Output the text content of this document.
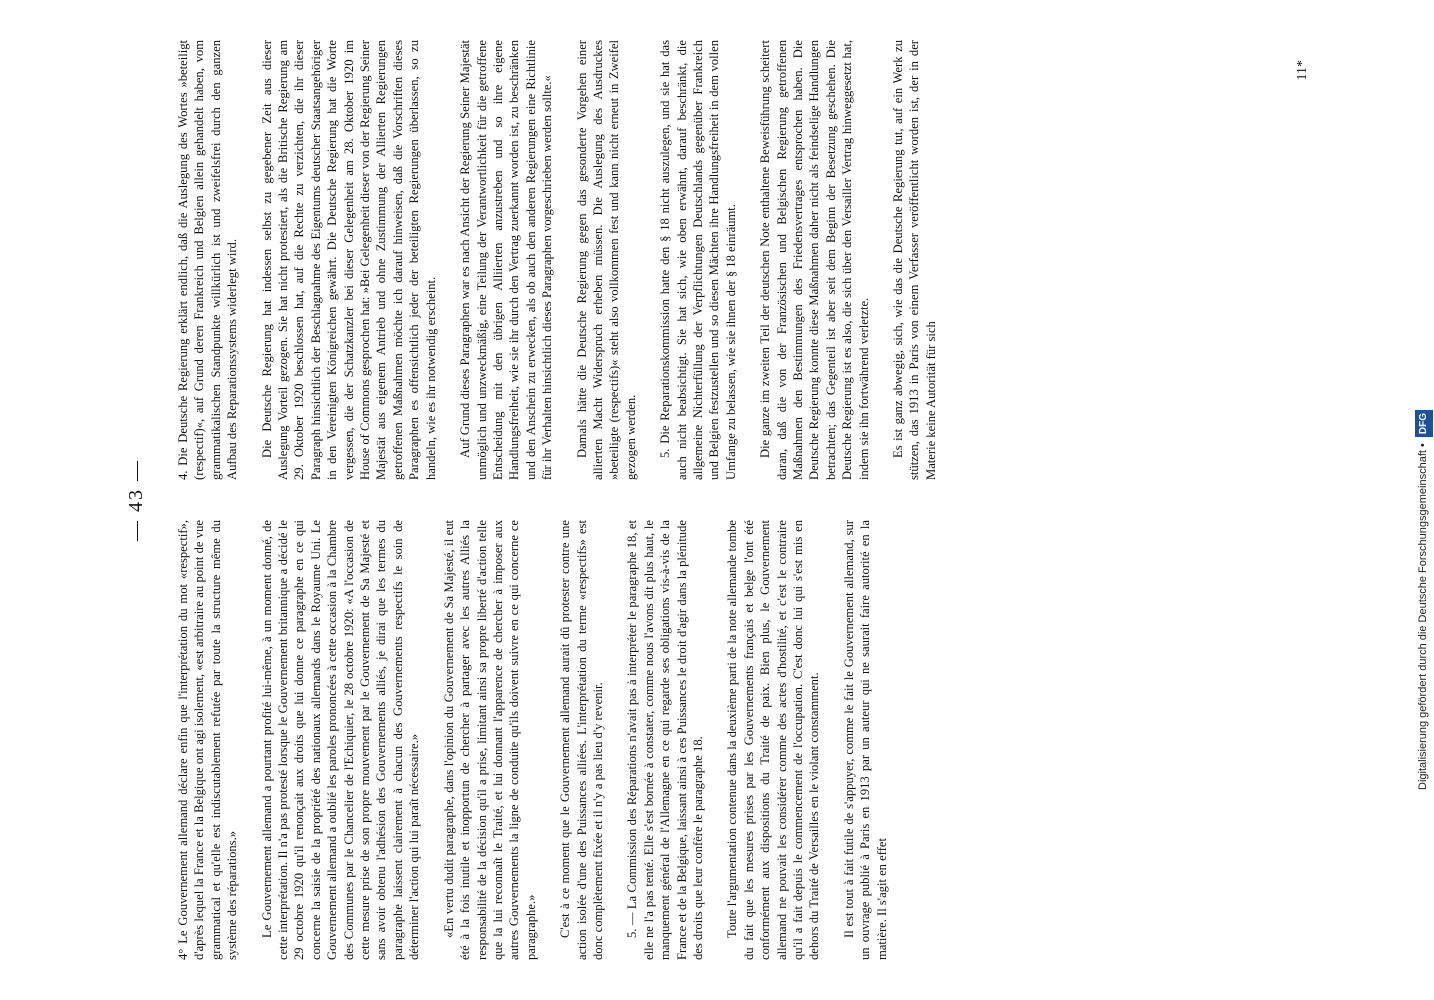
— 43 —

4° Le Gouvernement allemand déclare enfin que l'interprétation du mot «respectif», d'après lequel la France et la Belgique ont agi isolement, «est arbitraire au point de vue grammatical et qu'elle est indiscutablement refutée par toute la structure même du système des réparations.» Le Gouvernement allemand a pourtant profité lui-même, à un moment donné, de cette interprétation. Il n'a pas protesté lorsque le Gouvernement britannique a décidé le 29 octobre 1920 qu'il renonçait aux droits que lui donne ce paragraphe en ce qui concerne la saisie de la propriété des nationaux allemands dans le Royaume Uni. Le Gouvernement allemand a oublié les paroles prononcées à cette occasion à la Chambre des Communes par le Chancelier de l'Echiquier, le 28 octobre 1920: «A l'occasion de cette mesure prise de son propre mouvement par le Gouvernement de Sa Majesté et sans avoir obtenu l'adhésion des Gouvernements alliés, je dirai que les termes du paragraphe laissent clairement à chacun des Gouvernements respectifs le soin de déterminer l'action qui lui paraît nécessaire.» «En vertu dudit paragraphe, dans l'opinion du Gouvernement de Sa Majesté, il eut été à la fois inutile et inopportun de chercher à partager avec les autres Alliés la responsabilité de la décision qu'il a prise, limitant ainsi sa propre liberté d'action telle que la lui reconnaît le Traité, et lui donnant l'apparence de chercher à imposer aux autres Gouvernements la ligne de conduite qu'ils doivent suivre en ce qui concerne ce paragraphe.» C'est à ce moment que le Gouvernement allemand aurait dû protester contre une action isolée d'une des Puissances alliées. L'interprétation du terme «respectifs» est donc complètement fixée et il n'y a pas lieu d'y revenir. 5. — La Commission des Réparations n'avait pas à interpréter le paragraphe 18, et elle ne l'a pas tenté. Elle s'est bornée à constater, comme nous l'avons dit plus haut, le manquement général de l'Allemagne en ce qui regarde ses obligations vis-à-vis de la France et de la Belgique, laissant ainsi à ces Puissances le droit d'agir dans la plénitude des droits que leur confère le paragraphe 18. Toute l'argumentation contenue dans la deuxième parti de la note allemande tombe du fait que les mesures prises par les Gouvernements français et belge l'ont été conformément aux dispositions du Traité de paix. Bien plus, le Gouvernement allemand ne pouvait les considérer comme des actes d'hostilité, et c'est le contraire qu'il a fait depuis le commencement de l'occupation. C'est donc lui qui s'est mis en dehors du Traité de Versailles en le violant constamment. Il est tout à fait futile de s'appuyer, comme le fait le Gouvernement allemand, sur un ouvrage publié à Paris en 1913 par un auteur qui ne saurait faire autorité en la matière. Il s'agit en effet

4. Die Deutsche Regierung erklärt endlich, daß die Auslegung des Wortes »beteiligt (respectif)«, auf Grund deren Frankreich und Belgien allein gehandelt haben, vom grammatikalischen Standpunkte willkürlich ist und zweifelsfrei durch den ganzen Aufbau des Reparationssystems widerlegt wird. Die Deutsche Regierung hat indessen selbst zu gegebener Zeit aus dieser Auslegung Vorteil gezogen. Sie hat nicht protestiert, als die Britische Regierung am 29. Oktober 1920 beschlossen hat, auf die Rechte zu verzichten, die ihr dieser Paragraph hinsichtlich der Beschlagnahme des Eigentums deutscher Staatsangehöriger in den Vereinigten Königreichen gewährt. Die Deutsche Regierung hat die Worte vergessen, die der Schatzkanzler bei dieser Gelegenheit am 28. Oktober 1920 im House of Commons gesprochen hat: »Bei Gelegenheit dieser von der Regierung Seiner Majestät aus eigenem Antrieb und ohne Zustimmung der Allierten Regierungen getroffenen Maßnahmen möchte ich darauf hinweisen, daß die Vorschriften dieses Paragraphen es offensichtlich jeder der beteiligten Regierungen überlassen, so zu handeln, wie es ihr notwendig erscheint. Auf Grund dieses Paragraphen war es nach Ansicht der Regierung Seiner Majestät unmöglich und unzweckmäßig, eine Teilung der Verantwortlichkeit für die getroffene Entscheidung mit den übrigen Alliierten anzustreben und so ihre eigene Handlungsfreiheit, wie sie ihr durch den Vertrag zuerkannt worden ist, zu beschränken und den Anschein zu erwecken, als ob auch den anderen Regierungen eine Richtlinie für ihr Verhalten hinsichtlich dieses Paragraphen vorgeschrieben werden sollte.« Damals hätte die Deutsche Regierung gegen das gesonderte Vorgehen einer allierten Macht Widerspruch erheben müssen. Die Auslegung des Ausdruckes »beteiligte (respectifs)« steht also vollkommen fest und kann nicht erneut in Zweifel gezogen werden. 5. Die Reparationskommission hatte den § 18 nicht auszulegen, und sie hat das auch nicht beabsichtigt. Sie hat sich, wie oben erwähnt, darauf beschränkt, die allgemeine Nichterfüllung der Verpflichtungen Deutschlands gegenüber Frankreich und Belgien festzustellen und so diesen Mächten ihre Handlungsfreiheit in dem vollen Umfange zu belassen, wie sie ihnen der § 18 einräumt. Die ganze im zweiten Teil der deutschen Note enthaltene Beweisführung scheitert daran, daß die von der Französischen und Belgischen Regierung getroffenen Maßnahmen den Bestimmungen des Friedensvertrages entsprochen haben. Die Deutsche Regierung konnte diese Maßnahmen daher nicht als feindselige Handlungen betrachten; das Gegenteil ist aber seit dem Beginn der Besetzung geschehen. Die Deutsche Regierung ist es also, die sich über den Versailler Vertrag hinweggesetzt hat, indem sie ihn fortwährend verletzte. Es ist ganz abwegig, sich, wie das die Deutsche Regierung tut, auf ein Werk zu stützen, das 1913 in Paris von einem Verfasser veröffentlicht worden ist, der in der Materie keine Autorität für sich

11*
Digitalisierung gefördert durch die Deutsche Forschungsgemeinschaft •DFG
